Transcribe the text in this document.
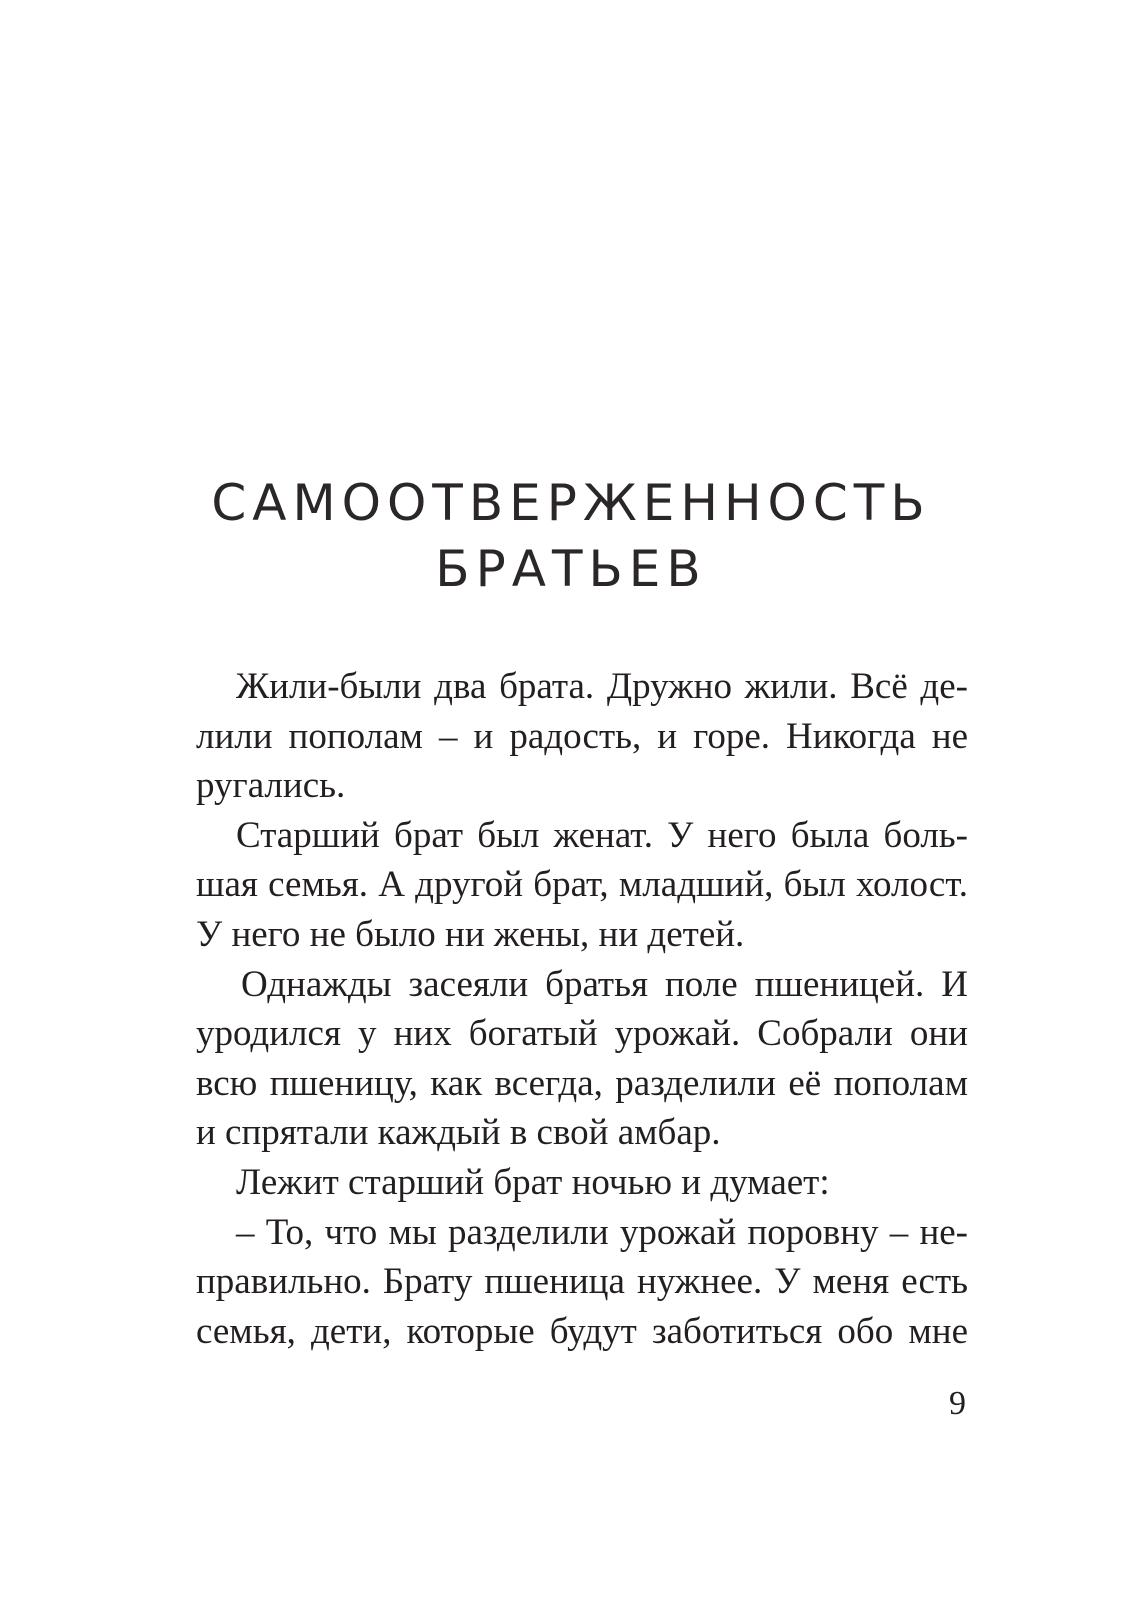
САМООТВЕРЖЕННОСТЬ
БРАТЬЕВ
Жили-были два брата. Дружно жили. Всё де-
лили пополам – и радость, и горе. Никогда не
ругались.
Старший брат был женат. У него была боль-
шая семья. А другой брат, младший, был холост.
У него не было ни жены, ни детей.
Однажды засеяли братья поле пшеницей. И
уродился у них богатый урожай. Собрали они
всю пшеницу, как всегда, разделили её пополам
и спрятали каждый в свой амбар.
Лежит старший брат ночью и думает:
– То, что мы разделили урожай поровну – не-
правильно. Брату пшеница нужнее. У меня есть
семья, дети, которые будут заботиться обо мне
9
